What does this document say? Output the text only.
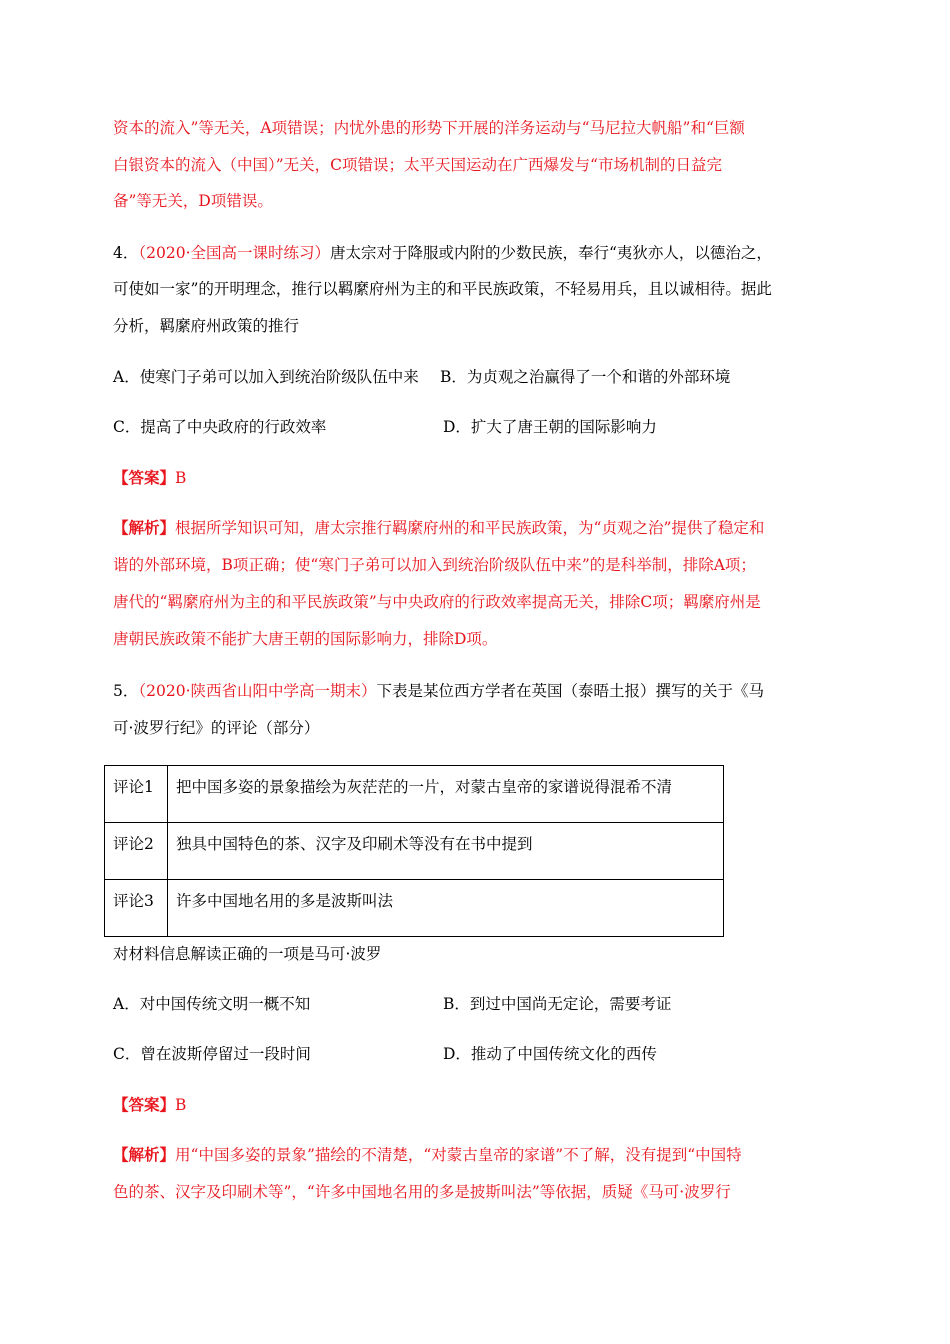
资本的流入”等无关，A项错误；内忧外患的形势下开展的洋务运动与“马尼拉大帆船”和“巨额
白银资本的流入（中国）”无关，C项错误；太平天国运动在广西爆发与“市场机制的日益完
备”等无关，D项错误。
4．（2020·全国高一课时练习）唐太宗对于降服或内附的少数民族，奉行“夷狄亦人，以德治之，
可使如一家”的开明理念，推行以羁縻府州为主的和平民族政策，不轻易用兵，且以诚相待。据此
分析，羁縻府州政策的推行
A．使寒门子弟可以加入到统治阶级队伍中来 B．为贞观之治赢得了一个和谐的外部环境
C．提高了中央政府的行政效率	D．扩大了唐王朝的国际影响力
【答案】B
【解析】根据所学知识可知，唐太宗推行羁縻府州的和平民族政策，为“贞观之治”提供了稳定和
谐的外部环境，B项正确；使“寒门子弟可以加入到统治阶级队伍中来”的是科举制，排除A项；
唐代的“羁縻府州为主的和平民族政策”与中央政府的行政效率提高无关，排除C项；羁縻府州是
唐朝民族政策不能扩大唐王朝的国际影响力，排除D项。
5．（2020·陕西省山阳中学高一期末）下表是某位西方学者在英国（泰晤土报）撰写的关于《马
可·波罗行纪》的评论（部分）
评论1	把中国多姿的景象描绘为灰茫茫的一片，对蒙古皇帝的家谱说得混希不清
评论2	独具中国特色的茶、汉字及印刷术等没有在书中提到
评论3	许多中国地名用的多是波斯叫法
对材料信息解读正确的一项是马可·波罗
A．对中国传统文明一概不知	B．到过中国尚无定论，需要考证
C．曾在波斯停留过一段时间	D．推动了中国传统文化的西传
【答案】B
【解析】用“中国多姿的景象”描绘的不清楚，“对蒙古皇帝的家谱”不了解，没有提到“中国特
色的茶、汉字及印刷术等”，“许多中国地名用的多是披斯叫法”等依据，质疑《马可·波罗行
